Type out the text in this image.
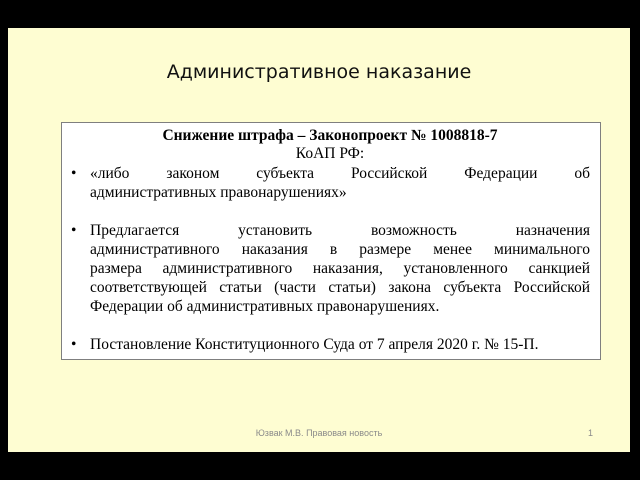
Административное наказание
Снижение штрафа – Законопроект № 1008818-7
КоАП РФ:
• «либо законом субъекта Российской Федерации об
административных правонарушениях»
• Предлагается установить возможность назначения
административного наказания в размере менее минимального
размера административного наказания, установленного санкцией
соответствующей статьи (части статьи) закона субъекта Российской
Федерации об административных правонарушениях.
• Постановление Конституционного Суда от 7 апреля 2020 г. № 15-П.
Юзвак М.В. Правовая новость	1
